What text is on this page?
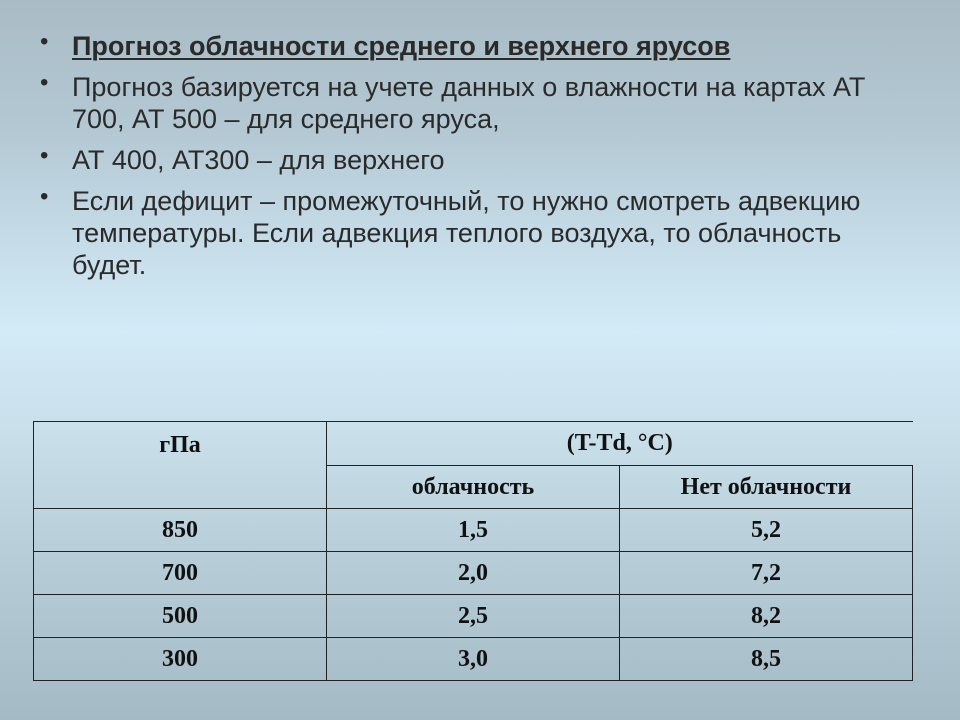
• Прогноз облачности среднего и верхнего ярусов
• Прогноз базируется на учете данных о влажности на картах АТ 700, АТ 500 – для среднего яруса,
• АТ 400, АТ300 – для верхнего
• Если дефицит – промежуточный, то нужно смотреть адвекцию температуры. Если адвекция теплого воздуха, то облачность будет.
гПа	(T-Td, °C)	
	облачность	Нет облачности
850	1,5	5,2
700	2,0	7,2
500	2,5	8,2
300	3,0	8,5
